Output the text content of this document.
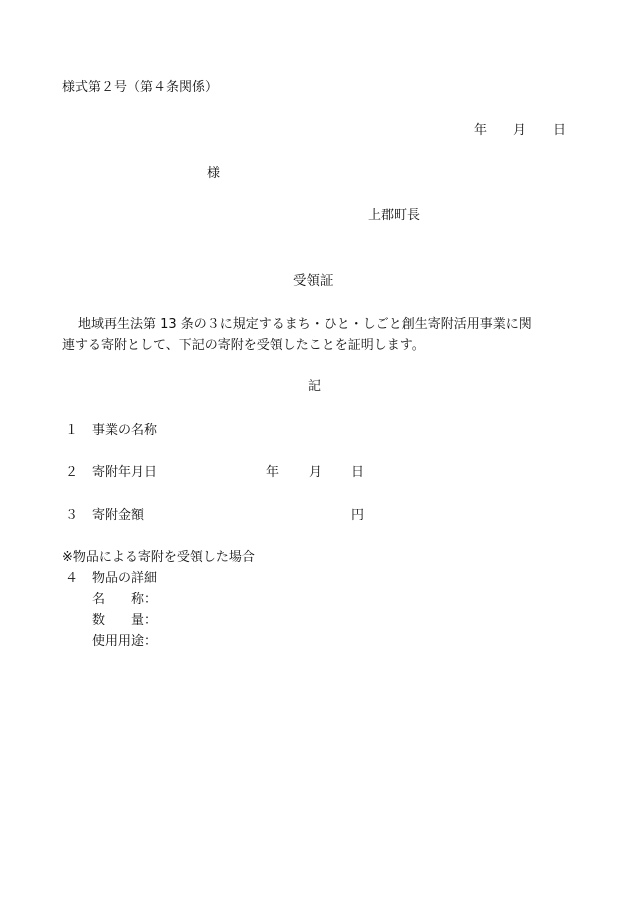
様式第２号（第４条関係）
年 月 日
様
上郡町長
受領証
地域再生法第 13 条の３に規定するまち・ひと・しごと創生寄附活用事業に関
連する寄附として、下記の寄附を受領したことを証明します。
記
１ 事業の名称
２ 寄附年月日	年 月 日
３ 寄附金額	円
※物品による寄附を受領した場合
４ 物品の詳細
名　　称：
数　　量：
使用用途：
